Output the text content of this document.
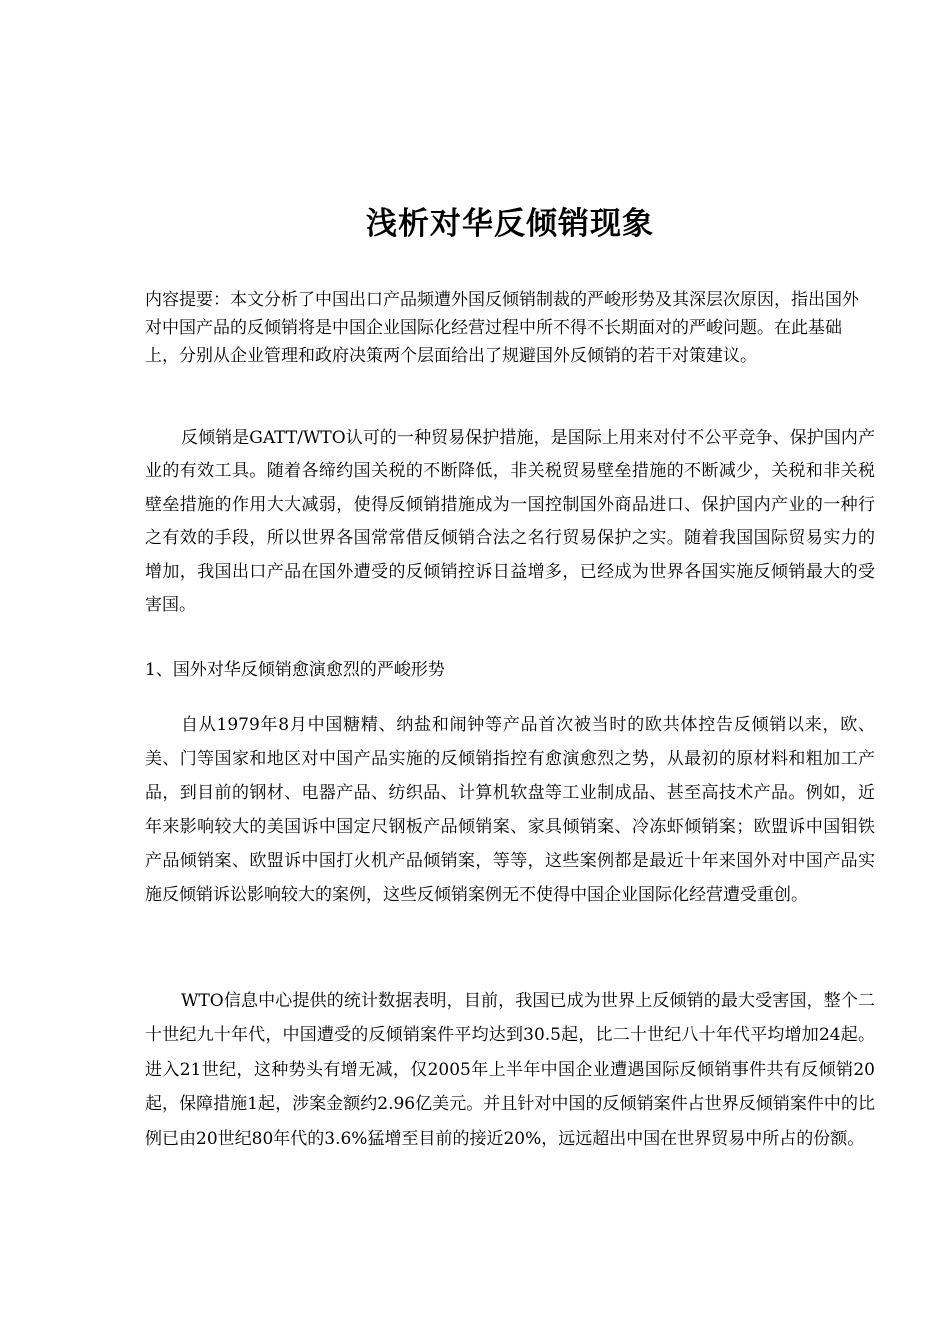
浅析对华反倾销现象

内容提要：本文分析了中国出口产品频遭外国反倾销制裁的严峻形势及其深层次原因，指出国外对中国产品的反倾销将是中国企业国际化经营过程中所不得不长期面对的严峻问题。在此基础上，分别从企业管理和政府决策两个层面给出了规避国外反倾销的若干对策建议。

反倾销是GATT/WTO认可的一种贸易保护措施，是国际上用来对付不公平竞争、保护国内产业的有效工具。随着各缔约国关税的不断降低，非关税贸易壁垒措施的不断减少，关税和非关税壁垒措施的作用大大减弱，使得反倾销措施成为一国控制国外商品进口、保护国内产业的一种行之有效的手段，所以世界各国常常借反倾销合法之名行贸易保护之实。随着我国国际贸易实力的增加，我国出口产品在国外遭受的反倾销控诉日益增多，已经成为世界各国实施反倾销最大的受害国。

1、国外对华反倾销愈演愈烈的严峻形势

自从1979年8月中国糖精、纳盐和闹钟等产品首次被当时的欧共体控告反倾销以来，欧、美、门等国家和地区对中国产品实施的反倾销指控有愈演愈烈之势，从最初的原材料和粗加工产品，到目前的钢材、电器产品、纺织品、计算机软盘等工业制成品、甚至高技术产品。例如，近年来影响较大的美国诉中国定尺钢板产品倾销案、家具倾销案、冷冻虾倾销案；欧盟诉中国钼铁产品倾销案、欧盟诉中国打火机产品倾销案，等等，这些案例都是最近十年来国外对中国产品实施反倾销诉讼影响较大的案例，这些反倾销案例无不使得中国企业国际化经营遭受重创。

WTO信息中心提供的统计数据表明，目前，我国已成为世界上反倾销的最大受害国，整个二十世纪九十年代，中国遭受的反倾销案件平均达到30.5起，比二十世纪八十年代平均增加24起。进入21世纪，这种势头有增无减，仅2005年上半年中国企业遭遇国际反倾销事件共有反倾销20起，保障措施1起，涉案金额约2.96亿美元。并且针对中国的反倾销案件占世界反倾销案件中的比例已由20世纪80年代的3.6%猛增至目前的接近20%，远远超出中国在世界贸易中所占的份额。
